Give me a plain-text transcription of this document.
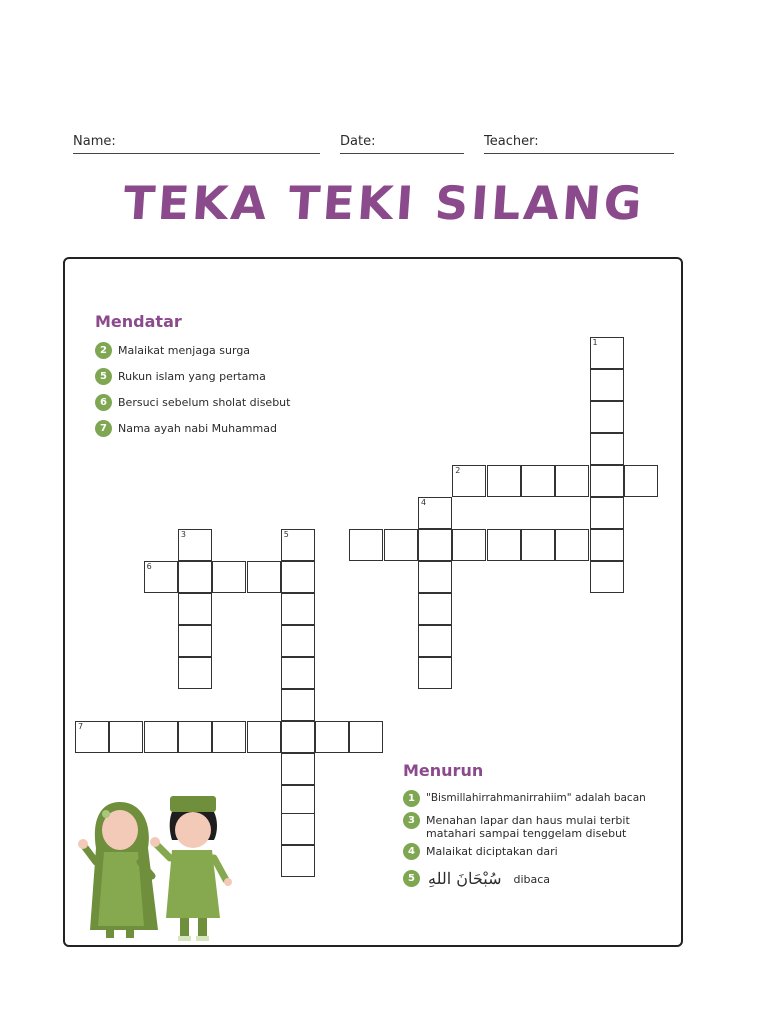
Name:	Date:	Teacher:
TEKA TEKI SILANG
Mendatar
2	Malaikat menjaga surga
5	Rukun islam yang pertama
6	Bersuci sebelum sholat disebut
7	Nama ayah nabi Muhammad
Menurun
1	"Bismillahirrahmanirrahiim" adalah bacan
3	Menahan lapar dan haus mulai terbit matahari sampai tenggelam disebut
4	Malaikat diciptakan dari
5 سُبْحَانَ اللهِ dibaca
1
2
4
3
6
5
7
